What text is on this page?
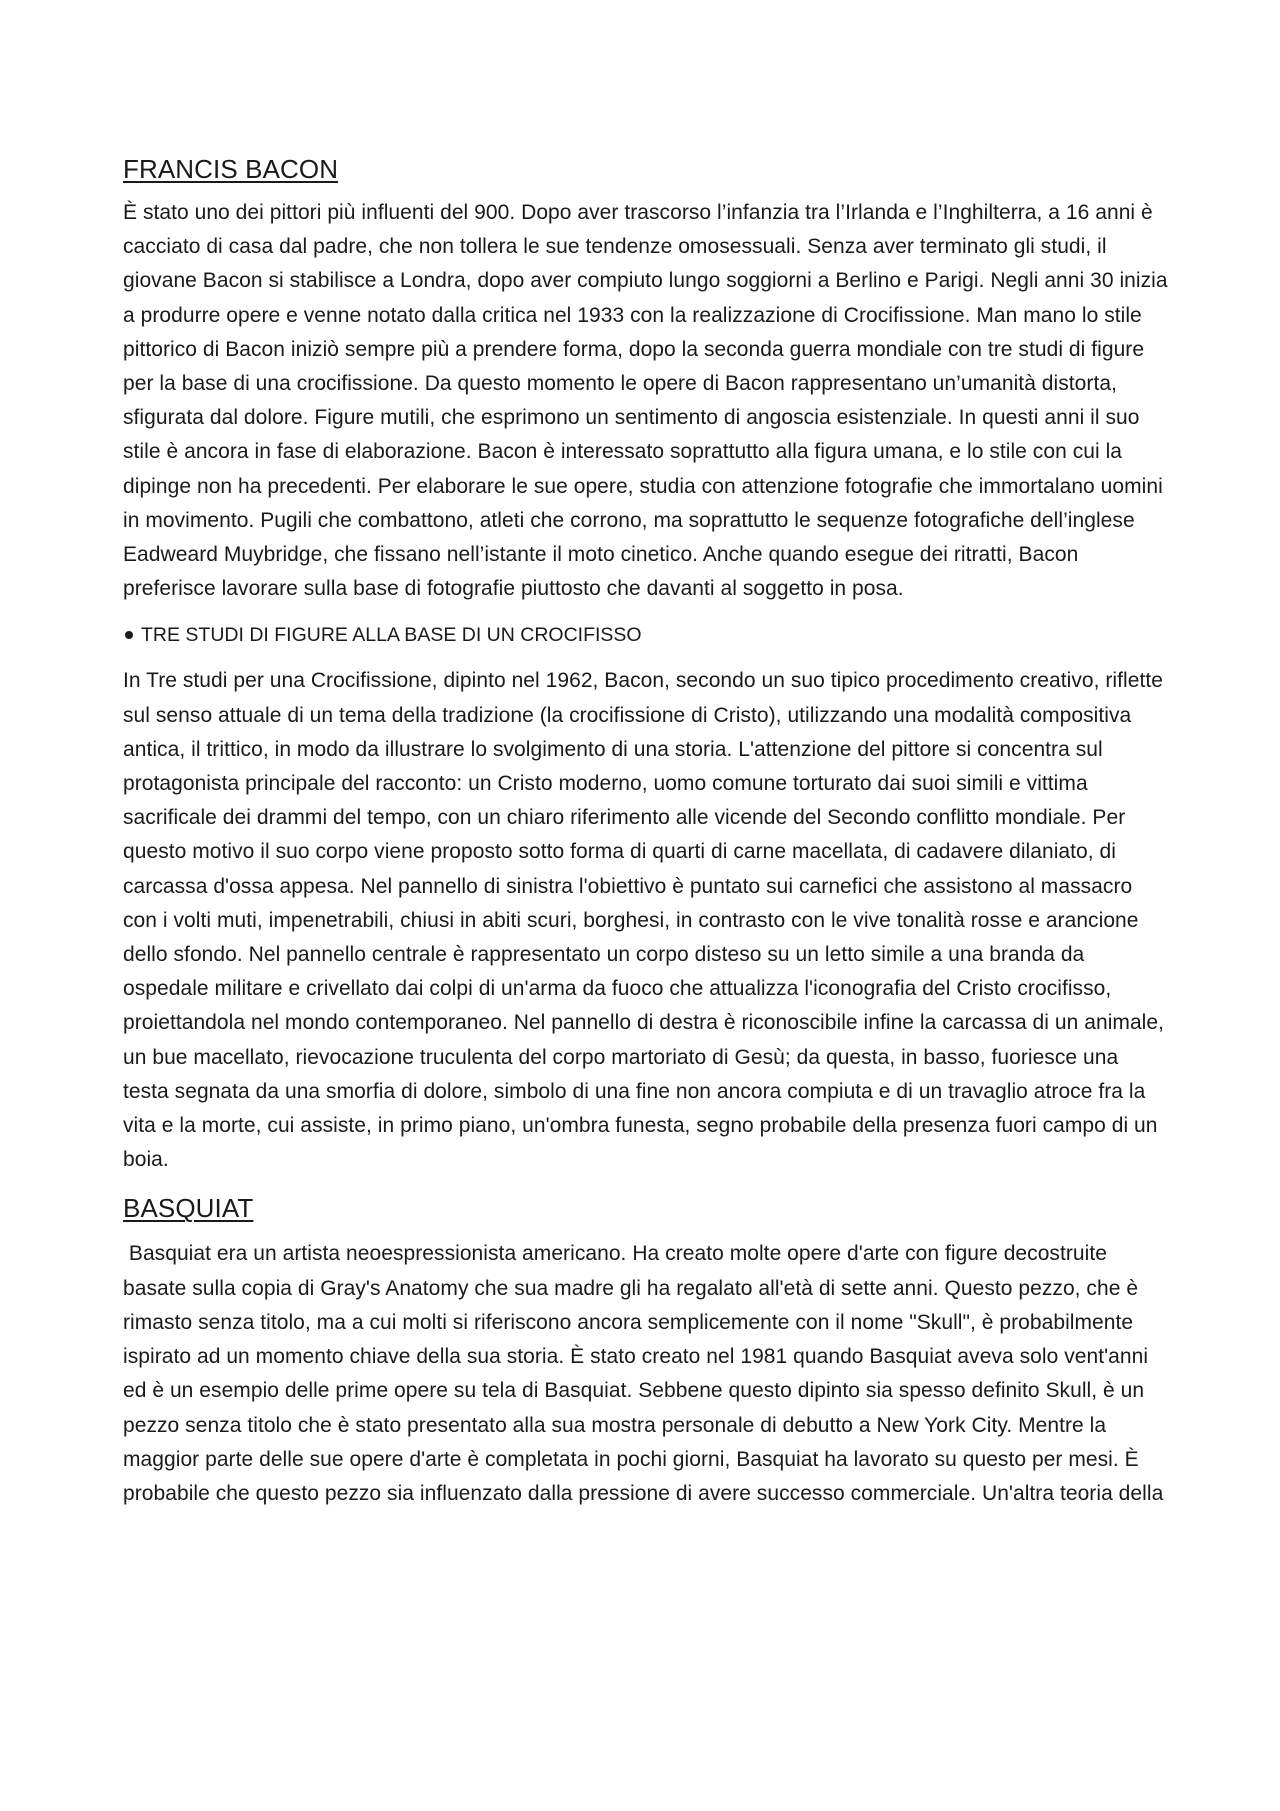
FRANCIS BACON

È stato uno dei pittori più influenti del 900. Dopo aver trascorso l’infanzia tra l’Irlanda e l’Inghilterra, a 16 anni è cacciato di casa dal padre, che non tollera le sue tendenze omosessuali. Senza aver terminato gli studi, il giovane Bacon si stabilisce a Londra, dopo aver compiuto lungo soggiorni a Berlino e Parigi. Negli anni 30 inizia a produrre opere e venne notato dalla critica nel 1933 con la realizzazione di Crocifissione. Man mano lo stile pittorico di Bacon iniziò sempre più a prendere forma, dopo la seconda guerra mondiale con tre studi di figure per la base di una crocifissione. Da questo momento le opere di Bacon rappresentano un’umanità distorta, sfigurata dal dolore. Figure mutili, che esprimono un sentimento di angoscia esistenziale. In questi anni il suo stile è ancora in fase di elaborazione. Bacon è interessato soprattutto alla figura umana, e lo stile con cui la dipinge non ha precedenti. Per elaborare le sue opere, studia con attenzione fotografie che immortalano uomini in movimento. Pugili che combattono, atleti che corrono, ma soprattutto le sequenze fotografiche dell’inglese Eadweard Muybridge, che fissano nell’istante il moto cinetico. Anche quando esegue dei ritratti, Bacon preferisce lavorare sulla base di fotografie piuttosto che davanti al soggetto in posa.

TRE STUDI DI FIGURE ALLA BASE DI UN CROCIFISSO

In Tre studi per una Crocifissione, dipinto nel 1962, Bacon, secondo un suo tipico procedimento creativo, riflette sul senso attuale di un tema della tradizione (la crocifissione di Cristo), utilizzando una modalità compositiva antica, il trittico, in modo da illustrare lo svolgimento di una storia. L'attenzione del pittore si concentra sul protagonista principale del racconto: un Cristo moderno, uomo comune torturato dai suoi simili e vittima sacrificale dei drammi del tempo, con un chiaro riferimento alle vicende del Secondo conflitto mondiale. Per questo motivo il suo corpo viene proposto sotto forma di quarti di carne macellata, di cadavere dilaniato, di carcassa d'ossa appesa. Nel pannello di sinistra l'obiettivo è puntato sui carnefici che assistono al massacro con i volti muti, impenetrabili, chiusi in abiti scuri, borghesi, in contrasto con le vive tonalità rosse e arancione dello sfondo. Nel pannello centrale è rappresentato un corpo disteso su un letto simile a una branda da ospedale militare e crivellato dai colpi di un'arma da fuoco che attualizza l'iconografia del Cristo crocifisso, proiettandola nel mondo contemporaneo. Nel pannello di destra è riconoscibile infine la carcassa di un animale, un bue macellato, rievocazione truculenta del corpo martoriato di Gesù; da questa, in basso, fuoriesce una testa segnata da una smorfia di dolore, simbolo di una fine non ancora compiuta e di un travaglio atroce fra la vita e la morte, cui assiste, in primo piano, un'ombra funesta, segno probabile della presenza fuori campo di un boia.

BASQUIAT

Basquiat era un artista neoespressionista americano. Ha creato molte opere d'arte con figure decostruite basate sulla copia di Gray's Anatomy che sua madre gli ha regalato all'età di sette anni. Questo pezzo, che è rimasto senza titolo, ma a cui molti si riferiscono ancora semplicemente con il nome "Skull", è probabilmente ispirato ad un momento chiave della sua storia. È stato creato nel 1981 quando Basquiat aveva solo vent'anni ed è un esempio delle prime opere su tela di Basquiat. Sebbene questo dipinto sia spesso definito Skull, è un pezzo senza titolo che è stato presentato alla sua mostra personale di debutto a New York City. Mentre la maggior parte delle sue opere d'arte è completata in pochi giorni, Basquiat ha lavorato su questo per mesi. È probabile che questo pezzo sia influenzato dalla pressione di avere successo commerciale. Un'altra teoria della
